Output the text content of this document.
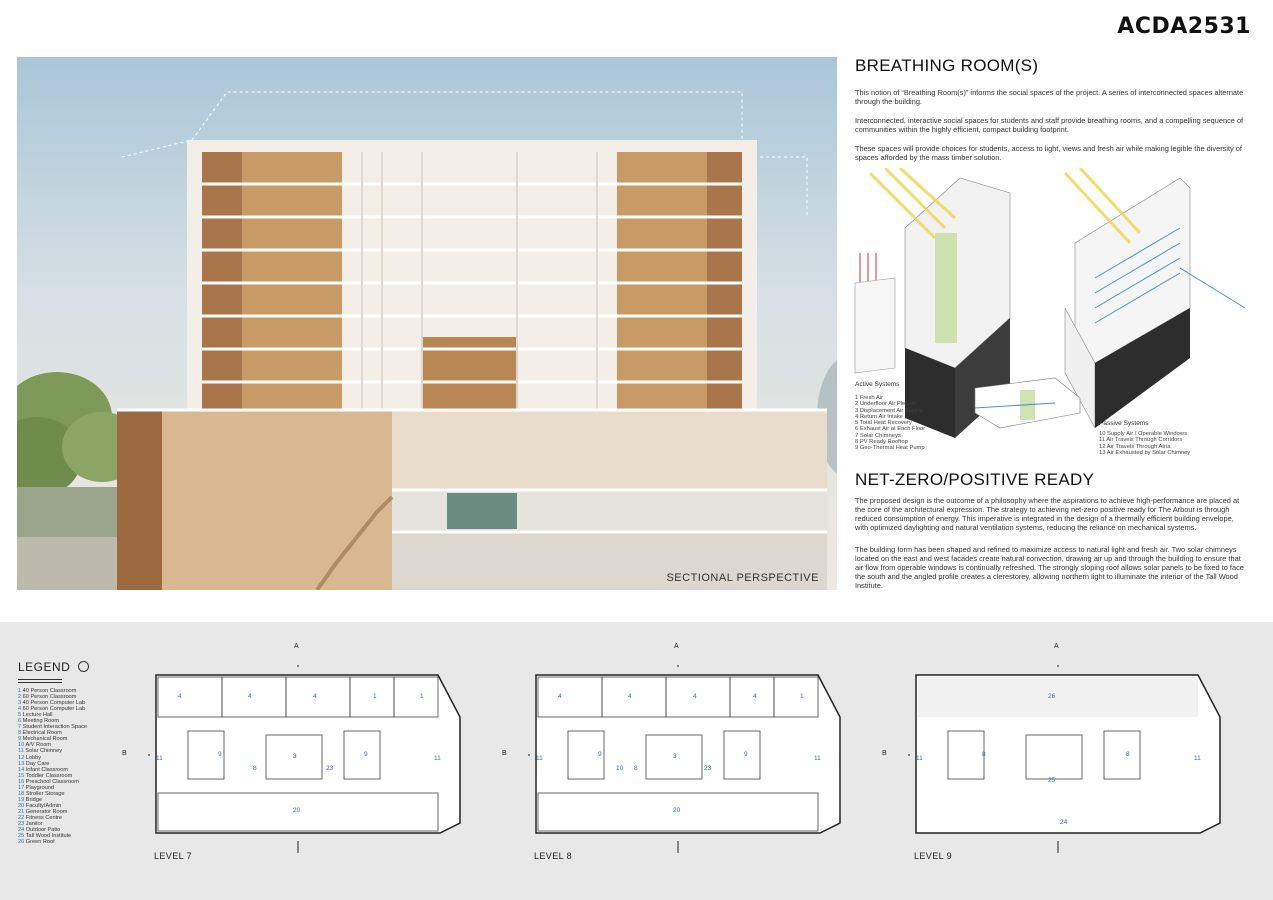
ACDA2531
SECTIONAL PERSPECTIVE
BREATHING ROOM(S)
This notion of “Breathing Room(s)” informs the social spaces of the project. A series of interconnected spaces alternate through the building.
Interconnected, interactive social spaces for students and staff provide breathing rooms, and a compelling sequence of communities within the highly efficient, compact building footprint.
These spaces will provide choices for students, access to light, views and fresh air while making legible the diversity of spaces afforded by the mass timber solution.
Active Systems
1 Fresh Air
2 Underfloor Air Plenum
3 Displacement Air Supply
4 Return Air Intake
5 Total Heat Recovery
6 Exhaust Air at Each Floor
7 Solar Chimneys
8 PV Ready Rooftop
9 Geo-Thermal Heat Pump
Passive Systems
10 Supply Air / Operable Windows
11 Air Travels Through Corridors
12 Air Travels Through Atria
13 Air Exhausted by Solar Chimney
NET-ZERO/POSITIVE READY
The proposed design is the outcome of a philosophy where the aspirations to achieve high-performance are placed at the core of the architectural expression. The strategy to achieving net-zero positive ready for The Arbour is through reduced consumption of energy. This imperative is integrated in the design of a thermally efficient building envelope, with optimized daylighting and natural ventilation systems, reducing the reliance on mechanical systems.
The building form has been shaped and refined to maximize access to natural light and fresh air. Two solar chimneys located on the east and west facades create natural convection, drawing air up and through the building to ensure that air flow from operable windows is continually refreshed. The strongly sloping roof allows solar panels to be fixed to face the south and the angled profile creates a clerestorey, allowing northern light to illuminate the interior of the Tall Wood Institute.
LEGEND
1 40 Person Classroom
2 60 Person Classroom
3 40 Person Computer Lab
4 60 Person Computer Lab
5 Lecture Hall
6 Meeting Room
7 Student Interaction Space
8 Electrical Room
9 Mechanical Room
10 A/V Room
11 Solar Chimney
12 Lobby
13 Day Care
14 Infant Classroom
15 Toddler Classroom
16 Preschool Classroom
17 Playground
18 Stroller Storage
19 Bridge
20 Faculty/Admin
21 Generator Room
22 Fitness Centre
23 Janitor
24 Outdoor Patio
25 Tall Wood Institute
26 Green Roof
4	4	4	1	1
11
9	3
8	23
9
11
20
A
B
LEVEL 7
4	4	4	4	1
11
9	3
10 8	23
9
11
20
A
B
LEVEL 8
26
11
8
25
8
11
24
A
B
LEVEL 9
